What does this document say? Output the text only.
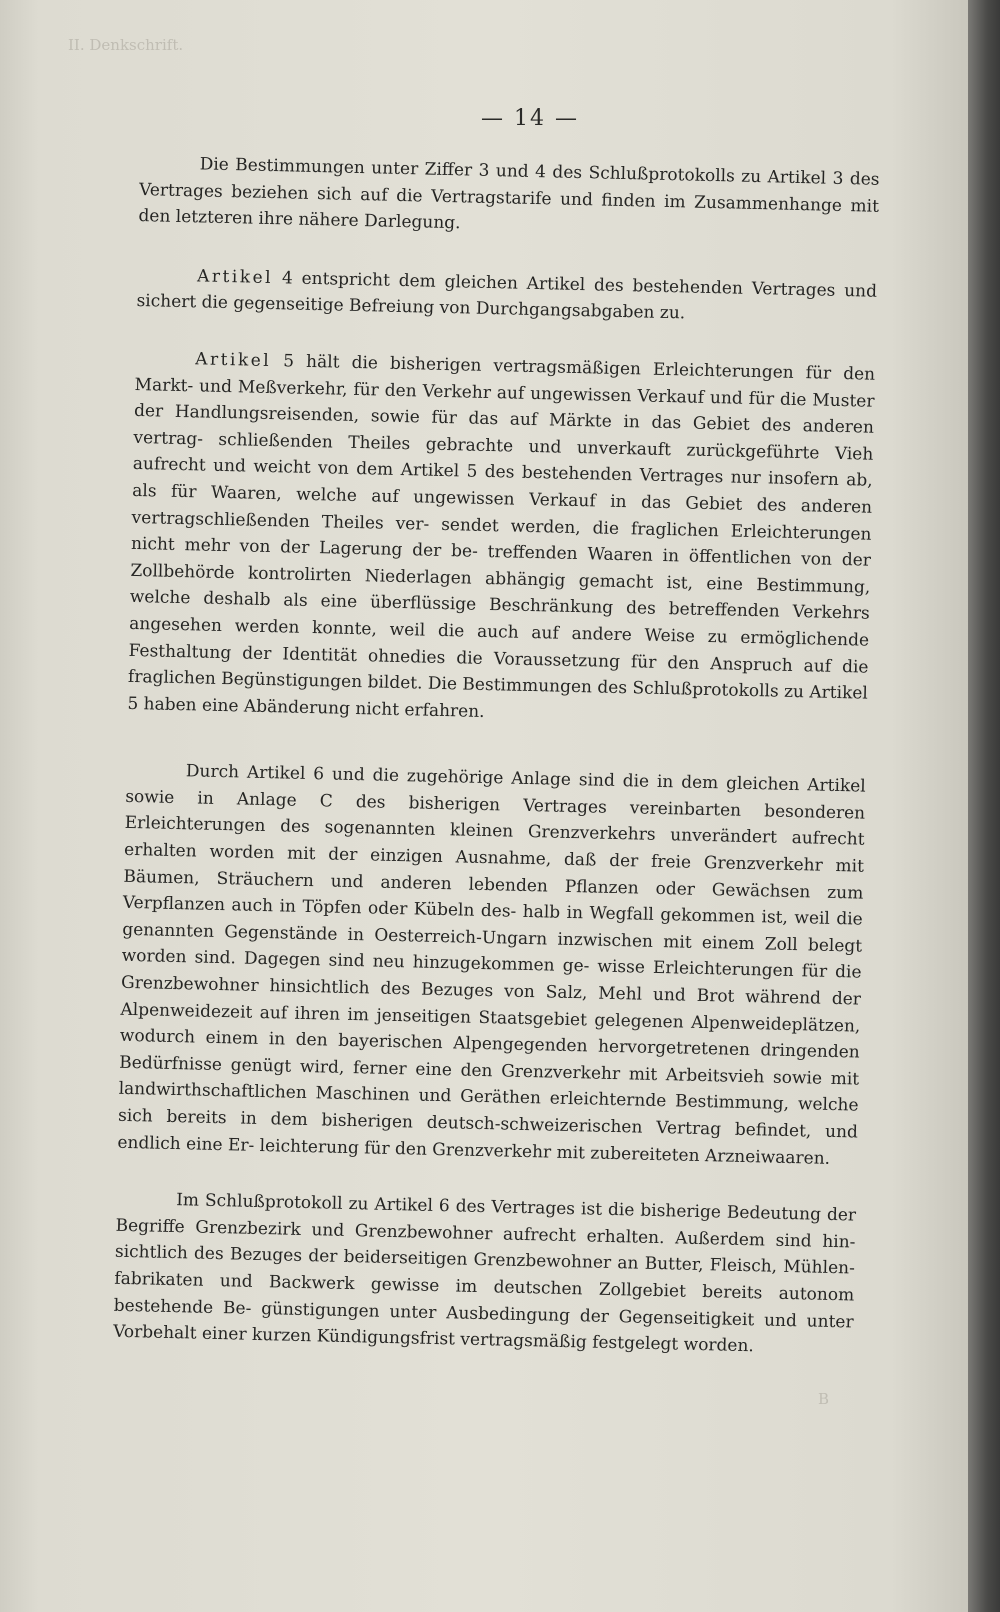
II. Denkschrift.
— 14 —

Die Bestimmungen unter Ziffer 3 und 4 des Schlußprotokolls zu Artikel 3 des Vertrages beziehen sich auf die Vertragstarife und finden im Zusammenhange mit den letzteren ihre nähere Darlegung.

Artikel 4 entspricht dem gleichen Artikel des bestehenden Vertrages und sichert die gegenseitige Befreiung von Durchgangsabgaben zu.

Artikel 5 hält die bisherigen vertragsmäßigen Erleichterungen für den Markt- und Meßverkehr, für den Verkehr auf ungewissen Verkauf und für die Muster der Handlungsreisenden, sowie für das auf Märkte in das Gebiet des anderen vertrag- schließenden Theiles gebrachte und unverkauft zurückgeführte Vieh aufrecht und weicht von dem Artikel 5 des bestehenden Vertrages nur insofern ab, als für Waaren, welche auf ungewissen Verkauf in das Gebiet des anderen vertragschließenden Theiles ver- sendet werden, die fraglichen Erleichterungen nicht mehr von der Lagerung der be- treffenden Waaren in öffentlichen von der Zollbehörde kontrolirten Niederlagen abhängig gemacht ist, eine Bestimmung, welche deshalb als eine überflüssige Beschränkung des betreffenden Verkehrs angesehen werden konnte, weil die auch auf andere Weise zu ermöglichende Festhaltung der Identität ohnedies die Voraussetzung für den Anspruch auf die fraglichen Begünstigungen bildet. Die Bestimmungen des Schlußprotokolls zu Artikel 5 haben eine Abänderung nicht erfahren.

Durch Artikel 6 und die zugehörige Anlage sind die in dem gleichen Artikel sowie in Anlage C des bisherigen Vertrages vereinbarten besonderen Erleichterungen des sogenannten kleinen Grenzverkehrs unverändert aufrecht erhalten worden mit der einzigen Ausnahme, daß der freie Grenzverkehr mit Bäumen, Sträuchern und anderen lebenden Pflanzen oder Gewächsen zum Verpflanzen auch in Töpfen oder Kübeln des- halb in Wegfall gekommen ist, weil die genannten Gegenstände in Oesterreich-Ungarn inzwischen mit einem Zoll belegt worden sind. Dagegen sind neu hinzugekommen ge- wisse Erleichterungen für die Grenzbewohner hinsichtlich des Bezuges von Salz, Mehl und Brot während der Alpenweidezeit auf ihren im jenseitigen Staatsgebiet gelegenen Alpenweideplätzen, wodurch einem in den bayerischen Alpengegenden hervorgetretenen dringenden Bedürfnisse genügt wird, ferner eine den Grenzverkehr mit Arbeitsvieh sowie mit landwirthschaftlichen Maschinen und Geräthen erleichternde Bestimmung, welche sich bereits in dem bisherigen deutsch-schweizerischen Vertrag befindet, und endlich eine Er- leichterung für den Grenzverkehr mit zubereiteten Arzneiwaaren.

Im Schlußprotokoll zu Artikel 6 des Vertrages ist die bisherige Bedeutung der Begriffe Grenzbezirk und Grenzbewohner aufrecht erhalten. Außerdem sind hin- sichtlich des Bezuges der beiderseitigen Grenzbewohner an Butter, Fleisch, Mühlen- fabrikaten und Backwerk gewisse im deutschen Zollgebiet bereits autonom bestehende Be- günstigungen unter Ausbedingung der Gegenseitigkeit und unter Vorbehalt einer kurzen Kündigungsfrist vertragsmäßig festgelegt worden.

B
